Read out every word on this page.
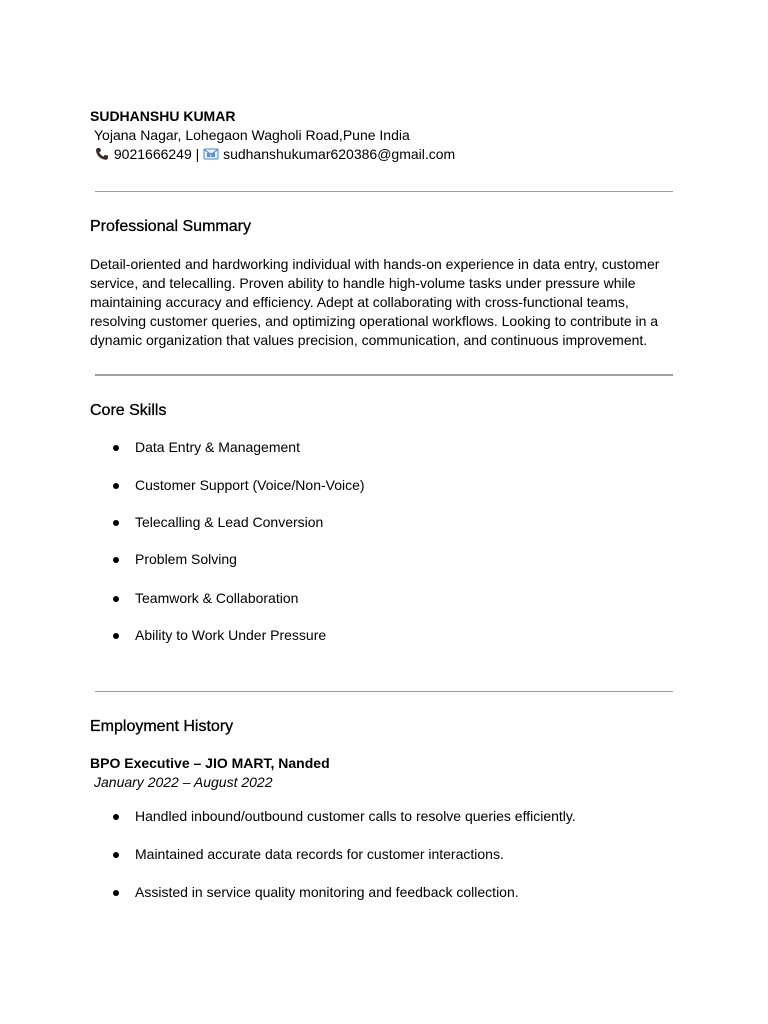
SUDHANSHU KUMAR
Yojana Nagar, Lohegaon Wagholi Road,Pune India
9021666249 |	E sudhanshukumar620386@gmail.com
Professional Summary
Detail-oriented and hardworking individual with hands-on experience in data entry, customer
service, and telecalling. Proven ability to handle high-volume tasks under pressure while
maintaining accuracy and efficiency. Adept at collaborating with cross-functional teams,
resolving customer queries, and optimizing operational workflows. Looking to contribute in a
dynamic organization that values precision, communication, and continuous improvement.
Core Skills
Data Entry & Management
Customer Support (Voice/Non-Voice)
Telecalling & Lead Conversion
Problem Solving
Teamwork & Collaboration
Ability to Work Under Pressure
Employment History
BPO Executive – JIO MART, Nanded
January 2022 – August 2022
Handled inbound/outbound customer calls to resolve queries efficiently.
Maintained accurate data records for customer interactions.
Assisted in service quality monitoring and feedback collection.
